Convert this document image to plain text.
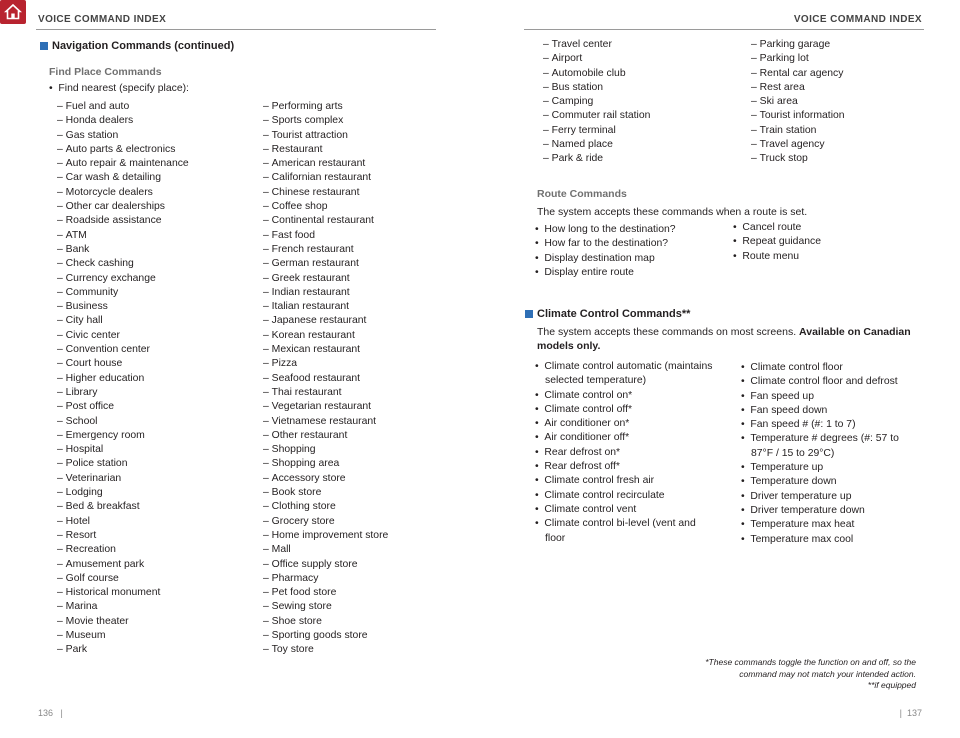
VOICE COMMAND INDEX	VOICE COMMAND INDEX
Navigation Commands (continued)
Find Place Commands
•  Find nearest (specify place):
– Fuel and auto
– Honda dealers
– Gas station
– Auto parts & electronics
– Auto repair & maintenance
– Car wash & detailing
– Motorcycle dealers
– Other car dealerships
– Roadside assistance
– ATM
– Bank
– Check cashing
– Currency exchange
– Community
– Business
– City hall
– Civic center
– Convention center
– Court house
– Higher education
– Library
– Post office
– School
– Emergency room
– Hospital
– Police station
– Veterinarian
– Lodging
– Bed & breakfast
– Hotel
– Resort
– Recreation
– Amusement park
– Golf course
– Historical monument
– Marina
– Movie theater
– Museum
– Park
– Performing arts
– Sports complex
– Tourist attraction
– Restaurant
– American restaurant
– Californian restaurant
– Chinese restaurant
– Coffee shop
– Continental restaurant
– Fast food
– French restaurant
– German restaurant
– Greek restaurant
– Indian restaurant
– Italian restaurant
– Japanese restaurant
– Korean restaurant
– Mexican restaurant
– Pizza
– Seafood restaurant
– Thai restaurant
– Vegetarian restaurant
– Vietnamese restaurant
– Other restaurant
– Shopping
– Shopping area
– Accessory store
– Book store
– Clothing store
– Grocery store
– Home improvement store
– Mall
– Office supply store
– Pharmacy
– Pet food store
– Sewing store
– Shoe store
– Sporting goods store
– Toy store
– Travel center
– Airport
– Automobile club
– Bus station
– Camping
– Commuter rail station
– Ferry terminal
– Named place
– Park & ride
– Parking garage
– Parking lot
– Rental car agency
– Rest area
– Ski area
– Tourist information
– Train station
– Travel agency
– Truck stop
Route Commands
The system accepts these commands when a route is set.
•  How long to the destination?
•  How far to the destination?
•  Display destination map
•  Display entire route
•  Cancel route
•  Repeat guidance
•  Route menu
Climate Control Commands**
The system accepts these commands on most screens. Available on Canadian models only.
•  Climate control automatic (maintains selected temperature)
•  Climate control on*
•  Climate control off*
•  Air conditioner on*
•  Air conditioner off*
•  Rear defrost on*
•  Rear defrost off*
•  Climate control fresh air
•  Climate control recirculate
•  Climate control vent
•  Climate control bi-level (vent and floor
•  Climate control floor
•  Climate control floor and defrost
•  Fan speed up
•  Fan speed down
•  Fan speed # (#: 1 to 7)
•  Temperature # degrees (#: 57 to 87°F / 15 to 29°C)
•  Temperature up
•  Temperature down
•  Driver temperature up
•  Driver temperature down
•  Temperature max heat
•  Temperature max cool
*These commands toggle the function on and off, so the
command may not match your intended action.
**if equipped
136   |	|  137
